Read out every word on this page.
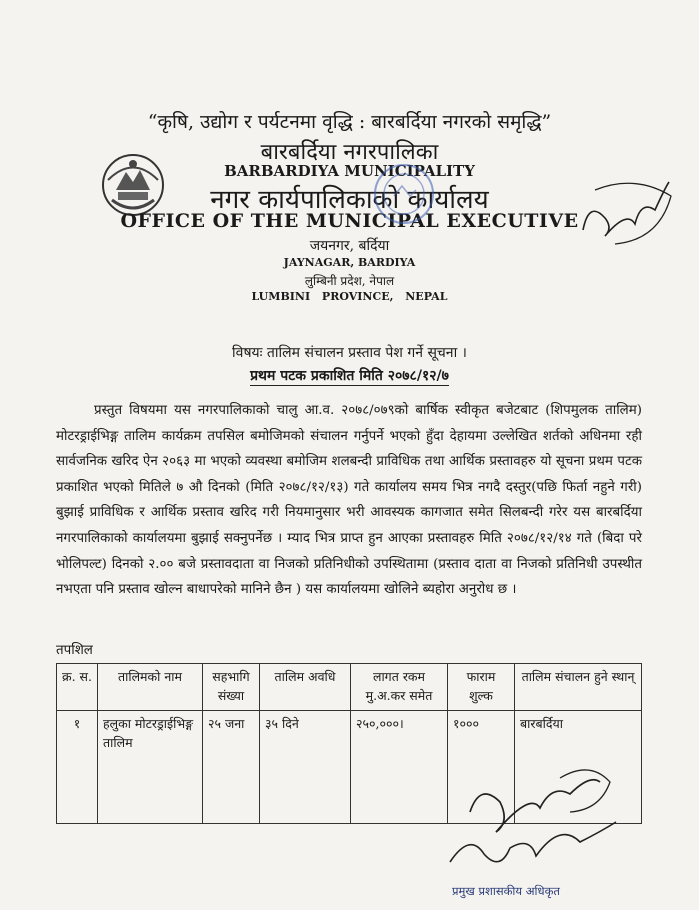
“कृषि, उद्योग र पर्यटनमा वृद्धि : बारबर्दिया नगरको समृद्धि”
बारबर्दिया नगरपालिका
BARBARDIYA MUNICIPALITY
नगर कार्यपालिकाको कार्यालय
OFFICE OF THE MUNICIPAL EXECUTIVE
जयनगर, बर्दिया
JAYNAGAR, BARDIYA
लुम्बिनी प्रदेश, नेपाल
LUMBINI PROVINCE, NEPAL
विषयः तालिम संचालन प्रस्ताव पेश गर्ने सूचना ।
प्रथम पटक प्रकाशित मिति २०७८/१२/७

प्रस्तुत विषयमा यस नगरपालिकाको चालु आ.व. २०७८/०७९को बार्षिक स्वीकृत बजेटबाट (शिपमुलक तालिम) मोटरड्राईभिङ्ग तालिम कार्यक्रम तपसिल बमोजिमको संचालन गर्नुपर्ने भएको हुँदा देहायमा उल्लेखित शर्तको अधिनमा रही सार्वजनिक खरिद ऐन २०६३ मा भएको व्यवस्था बमोजिम शलबन्दी प्राविधिक तथा आर्थिक प्रस्तावहरु यो सूचना प्रथम पटक प्रकाशित भएको मितिले ७ औ दिनको (मिति २०७८/१२/१३) गते कार्यालय समय भित्र नगदै दस्तुर(पछि फिर्ता नहुने गरी) बुझाई प्राविधिक र आर्थिक प्रस्ताव खरिद गरी नियमानुसार भरी आवस्यक कागजात समेत सिलबन्दी गरेर यस बारबर्दिया नगरपालिकाको कार्यालयमा बुझाई सक्नुपर्नेछ । म्याद भित्र प्राप्त हुन आएका प्रस्तावहरु मिति २०७८/१२/१४ गते (बिदा परे भोलिपल्ट) दिनको २.०० बजे प्रस्तावदाता वा निजको प्रतिनिधीको उपस्थितामा (प्रस्ताव दाता वा निजको प्रतिनिधी उपस्थीत नभएता पनि प्रस्ताव खोल्न बाधापरेको मानिने छैन ) यस कार्यालयमा खोलिने ब्यहोरा अनुरोध छ ।

तपशिल
क्र. स.	तालिमको नाम	सहभागि संख्या	तालिम अवधि	लागत रकम मु.अ.कर समेत	फाराम शुल्क	तालिम संचालन हुने स्थान्
१	हलुका मोटरड्राईभिङ्ग तालिम	२५ जना	३५ दिने	२५०,०००।	१०००	बारबर्दिया
प्रमुख प्रशासकीय अधिकृत
